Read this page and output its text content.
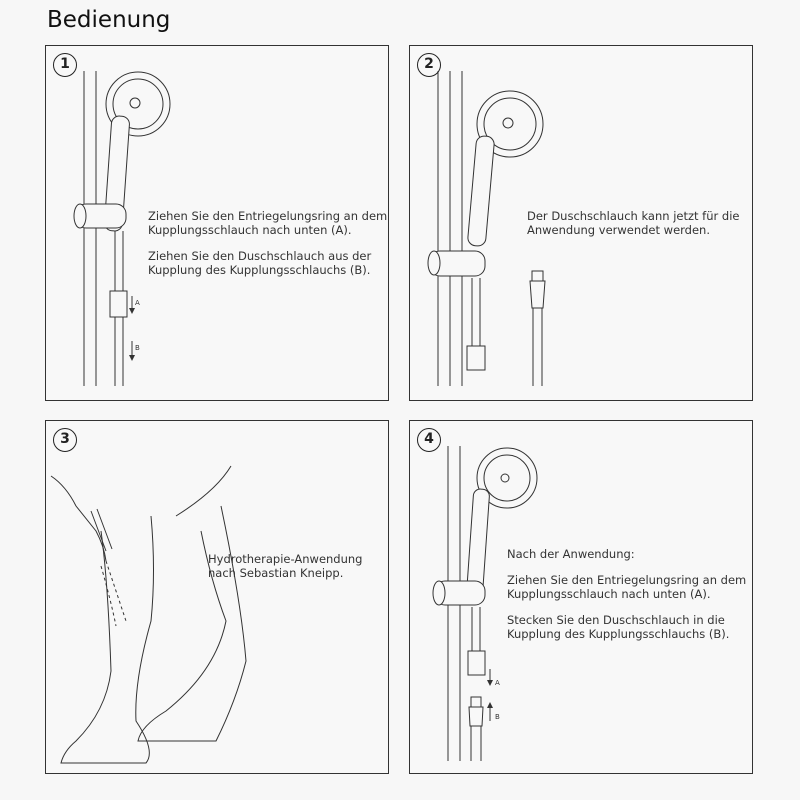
Bedienung
1
A
B

Ziehen Sie den Entriegelungsring an dem Kupplungsschlauch nach unten (A).

Ziehen Sie den Duschschlauch aus der Kupplung des Kupplungsschlauchs (B).

2

Der Duschschlauch kann jetzt für die Anwendung verwendet werden.

3

Hydrotherapie-Anwendung nach Sebastian Kneipp.

4
A
B

Nach der Anwendung:

Ziehen Sie den Entriegelungsring an dem Kupplungsschlauch nach unten (A).

Stecken Sie den Duschschlauch in die Kupplung des Kupplungsschlauchs (B).
